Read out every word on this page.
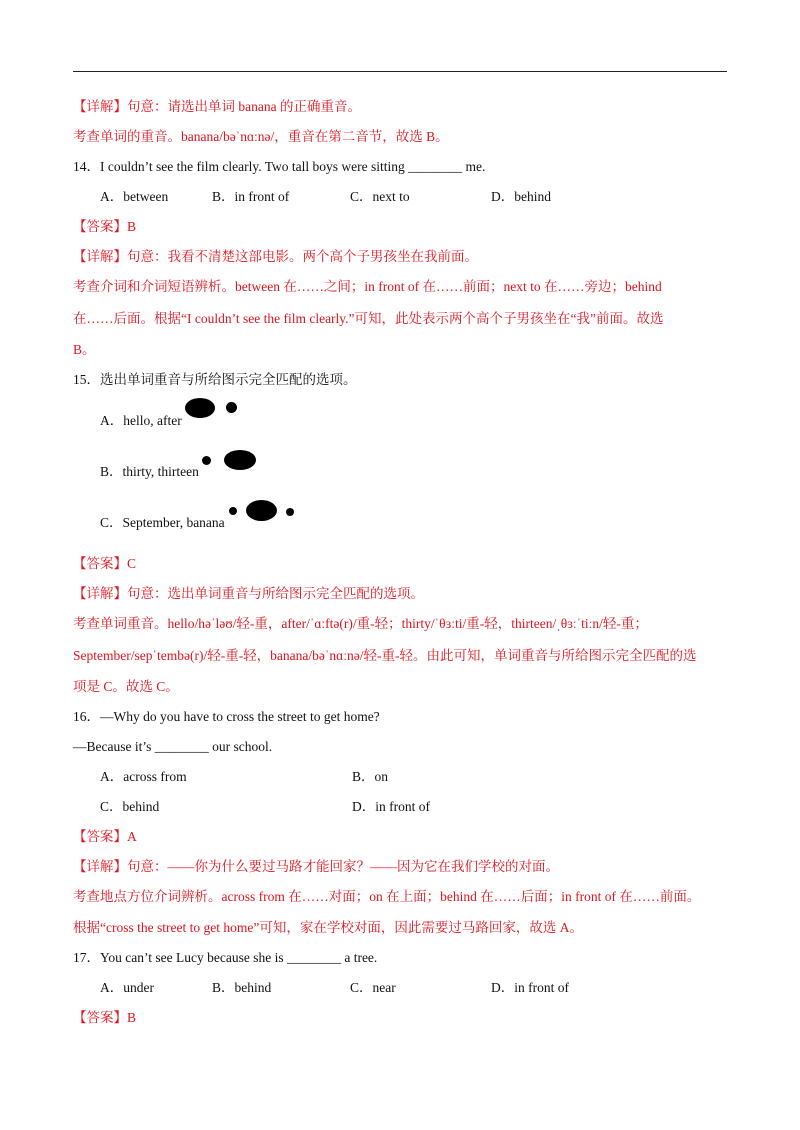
【详解】句意：请选出单词 banana 的正确重音。
考查单词的重音。banana/bəˈnɑːnə/，重音在第二音节，故选 B。
14．I couldn’t see the film clearly. Two tall boys were sitting ________ me.
A．between	B．in front of	C．next to	D．behind
【答案】B
【详解】句意：我看不清楚这部电影。两个高个子男孩坐在我前面。
考查介词和介词短语辨析。between 在……之间；in front of 在……前面；next to 在……旁边；behind
在……后面。根据“I couldn’t see the film clearly.”可知，此处表示两个高个子男孩坐在“我”前面。故选
B。
15．选出单词重音与所给图示完全匹配的选项。
A．hello, after
B．thirty, thirteen
C．September, banana
【答案】C
【详解】句意：选出单词重音与所给图示完全匹配的选项。
考查单词重音。hello/həˈləʊ/轻-重，after/ˈɑːftə(r)/重-轻；thirty/ˈθɜːti/重-轻，thirteen/ˌθɜːˈtiːn/轻-重；
September/sepˈtembə(r)/轻-重-轻，banana/bəˈnɑːnə/轻-重-轻。由此可知，单词重音与所给图示完全匹配的选
项是 C。故选 C。
16．—Why do you have to cross the street to get home?
—Because it’s ________ our school.
A．across from	B．on
C．behind	D．in front of
【答案】A
【详解】句意：——你为什么要过马路才能回家？——因为它在我们学校的对面。
考查地点方位介词辨析。across from 在……对面；on 在上面；behind 在……后面；in front of 在……前面。
根据“cross the street to get home”可知，家在学校对面，因此需要过马路回家，故选 A。
17．You can’t see Lucy because she is ________ a tree.
A．under	B．behind	C．near	D．in front of
【答案】B
